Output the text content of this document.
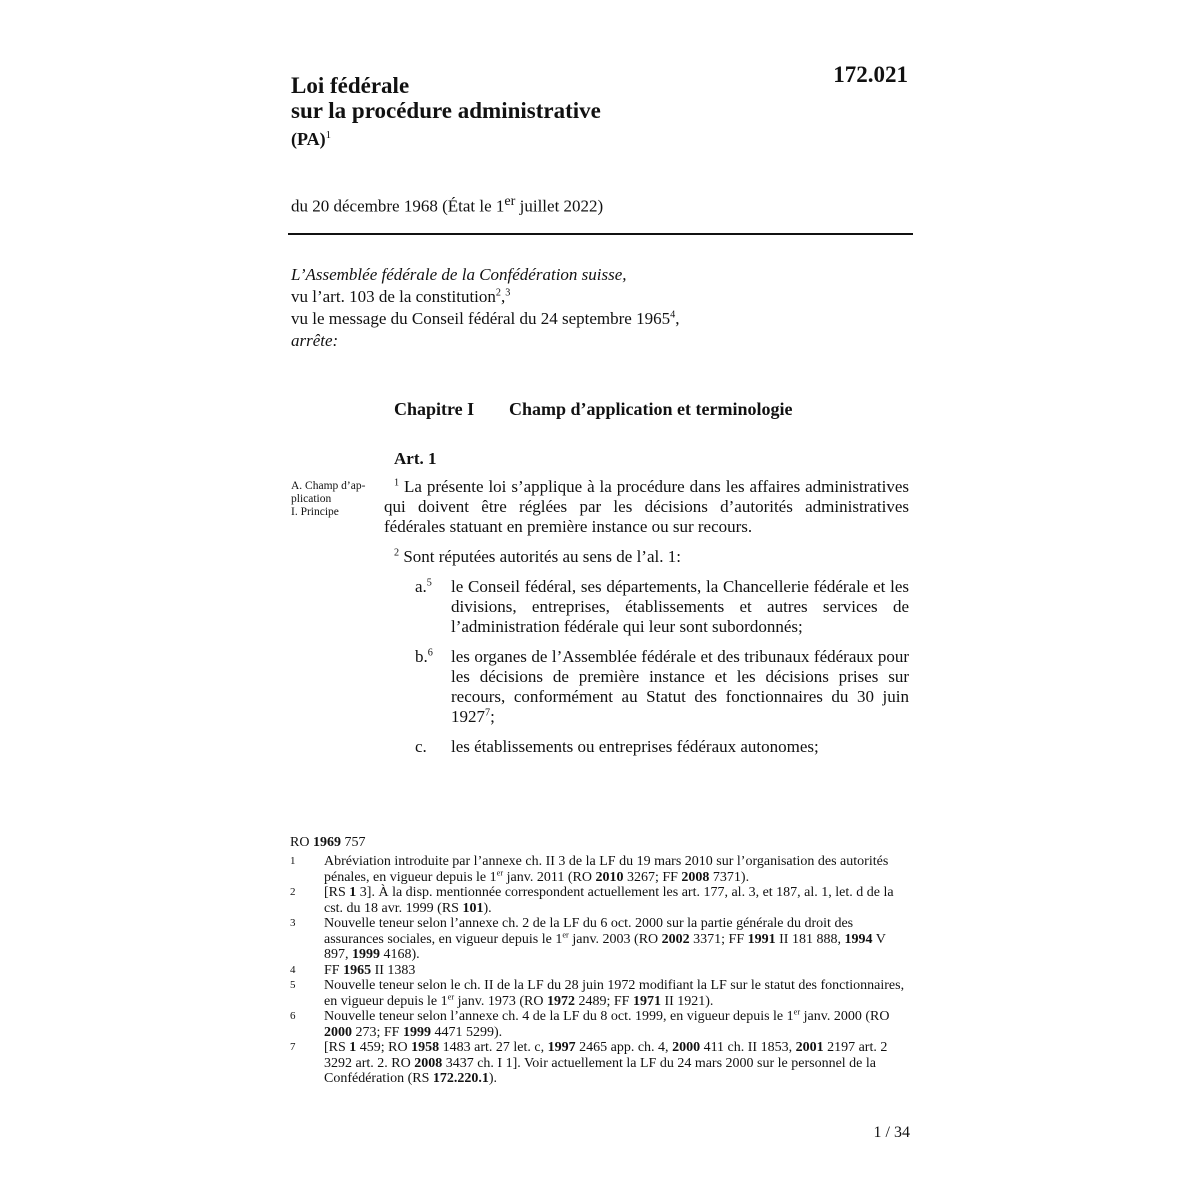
Loi fédérale
sur la procédure administrative
(PA)$^1$
172.021
du 20 décembre 1968 (État le 1er juillet 2022)
L’Assemblée fédérale de la Confédération suisse,
vu l’art. 103 de la constitution$^2$,$^3$
vu le message du Conseil fédéral du 24 septembre 1965$^4$,
arrête:
Chapitre I Champ d’application et terminologie
Art. 1
A. Champ d’ap-
plication
I. Principe

$^1$ La présente loi s’applique à la procédure dans les affaires administratives qui doivent être réglées par les décisions d’autorités administratives fédérales statuant en première instance ou sur recours.

$^2$ Sont réputées autorités au sens de l’al. 1:

a.$^5$	le Conseil fédéral, ses départements, la Chancellerie fédérale et les divisions, entreprises, établissements et autres services de l’administration fédérale qui leur sont subordonnés;
b.$^6$	les organes de l’Assemblée fédérale et des tribunaux fédéraux pour les décisions de première instance et les décisions prises sur recours, conformément au Statut des fonctionnaires du 30 juin 1927$^7$;
c.	les établissements ou entreprises fédéraux autonomes;
RO 1969 757
1	Abréviation introduite par l’annexe ch. II 3 de la LF du 19 mars 2010 sur l’organisation des autorités pénales, en vigueur depuis le 1er janv. 2011 (RO 2010 3267; FF 2008 7371).
2	[RS 1 3]. À la disp. mentionnée correspondent actuellement les art. 177, al. 3, et 187, al. 1, let. d de la cst. du 18 avr. 1999 (RS 101).
3	Nouvelle teneur selon l’annexe ch. 2 de la LF du 6 oct. 2000 sur la partie générale du droit des assurances sociales, en vigueur depuis le 1er janv. 2003 (RO 2002 3371; FF 1991 II 181 888, 1994 V 897, 1999 4168).
4	FF 1965 II 1383
5	Nouvelle teneur selon le ch. II de la LF du 28 juin 1972 modifiant la LF sur le statut des fonctionnaires, en vigueur depuis le 1er janv. 1973 (RO 1972 2489; FF 1971 II 1921).
6	Nouvelle teneur selon l’annexe ch. 4 de la LF du 8 oct. 1999, en vigueur depuis le 1er janv. 2000 (RO 2000 273; FF 1999 4471 5299).
7	[RS 1 459; RO 1958 1483 art. 27 let. c, 1997 2465 app. ch. 4, 2000 411 ch. II 1853, 2001 2197 art. 2 3292 art. 2. RO 2008 3437 ch. I 1]. Voir actuellement la LF du 24 mars 2000 sur le personnel de la Confédération (RS 172.220.1).
1 / 34
